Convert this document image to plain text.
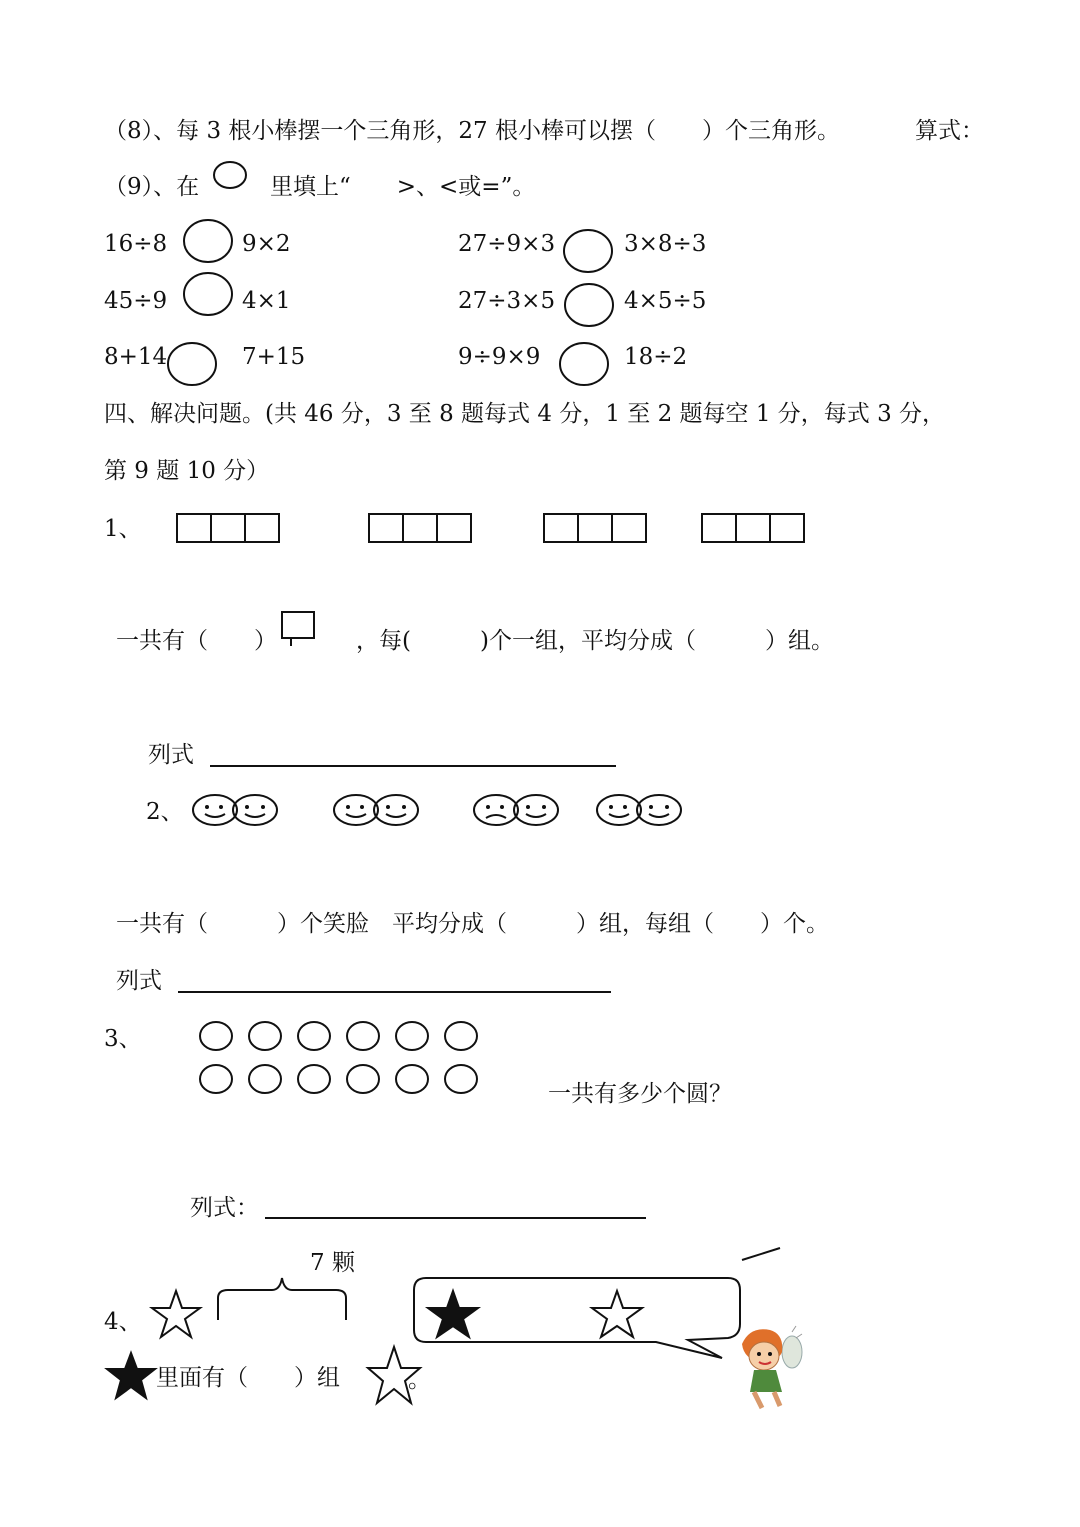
（8）、每 3 根小棒摆一个三角形，27 根小棒可以摆（　　）个三角形。	算式：
（9）、在	里填上“　　>、<或=”。
16÷8	9×2	27÷9×3	3×8÷3
45÷9	4×1	27÷3×5	4×5÷5
8+14	7+15	9÷9×9	18÷2
四、解决问题。(共 46 分，3 至 8 题每式 4 分，1 至 2 题每空 1 分，每式 3 分，
第 9 题 10 分）
1、
一共有（　　）	，每(　　　)个一组，平均分成（　　　）组。
列式
2、
一共有（　　　）个笑脸　平均分成（　　　）组，每组（　　）个。
列式
3、
一共有多少个圆？
列式：
7 颗
4、
里面有（　　）组	。
